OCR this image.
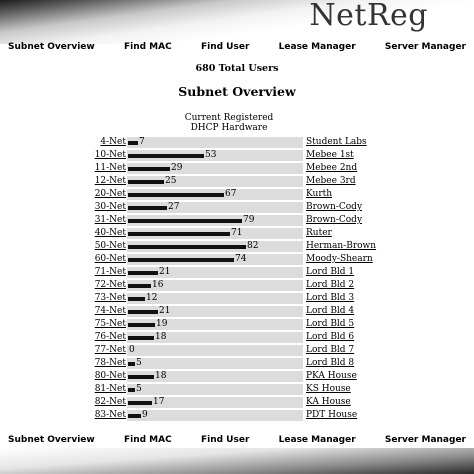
NetReg
Subnet Overview	Find MAC	Find User	Lease Manager	Server Manager
680 Total Users
Subnet Overview
Current Registered
DHCP Hardware
4-Net 7	Student Labs
10-Net	53	Mebee 1st
11-Net	29	Mebee 2nd
12-Net	25	Mebee 3rd
20-Net	67	Kurth
30-Net	27	Brown-Cody
31-Net	79	Brown-Cody
40-Net	71	Ruter
50-Net	82	Herman-Brown
60-Net	74	Moody-Shearn
71-Net	21	Lord Bld 1
72-Net	16	Lord Bld 2
73-Net 12	Lord Bld 3
74-Net	21	Lord Bld 4
75-Net	19	Lord Bld 5
76-Net	18	Lord Bld 6
77-Net 0	Lord Bld 7
78-Net 5	Lord Bld 8
80-Net	18	PKA House
81-Net 5	KS House
82-Net	17	KA House
83-Net 9	PDT House
Subnet Overview	Find MAC	Find User	Lease Manager	Server Manager
